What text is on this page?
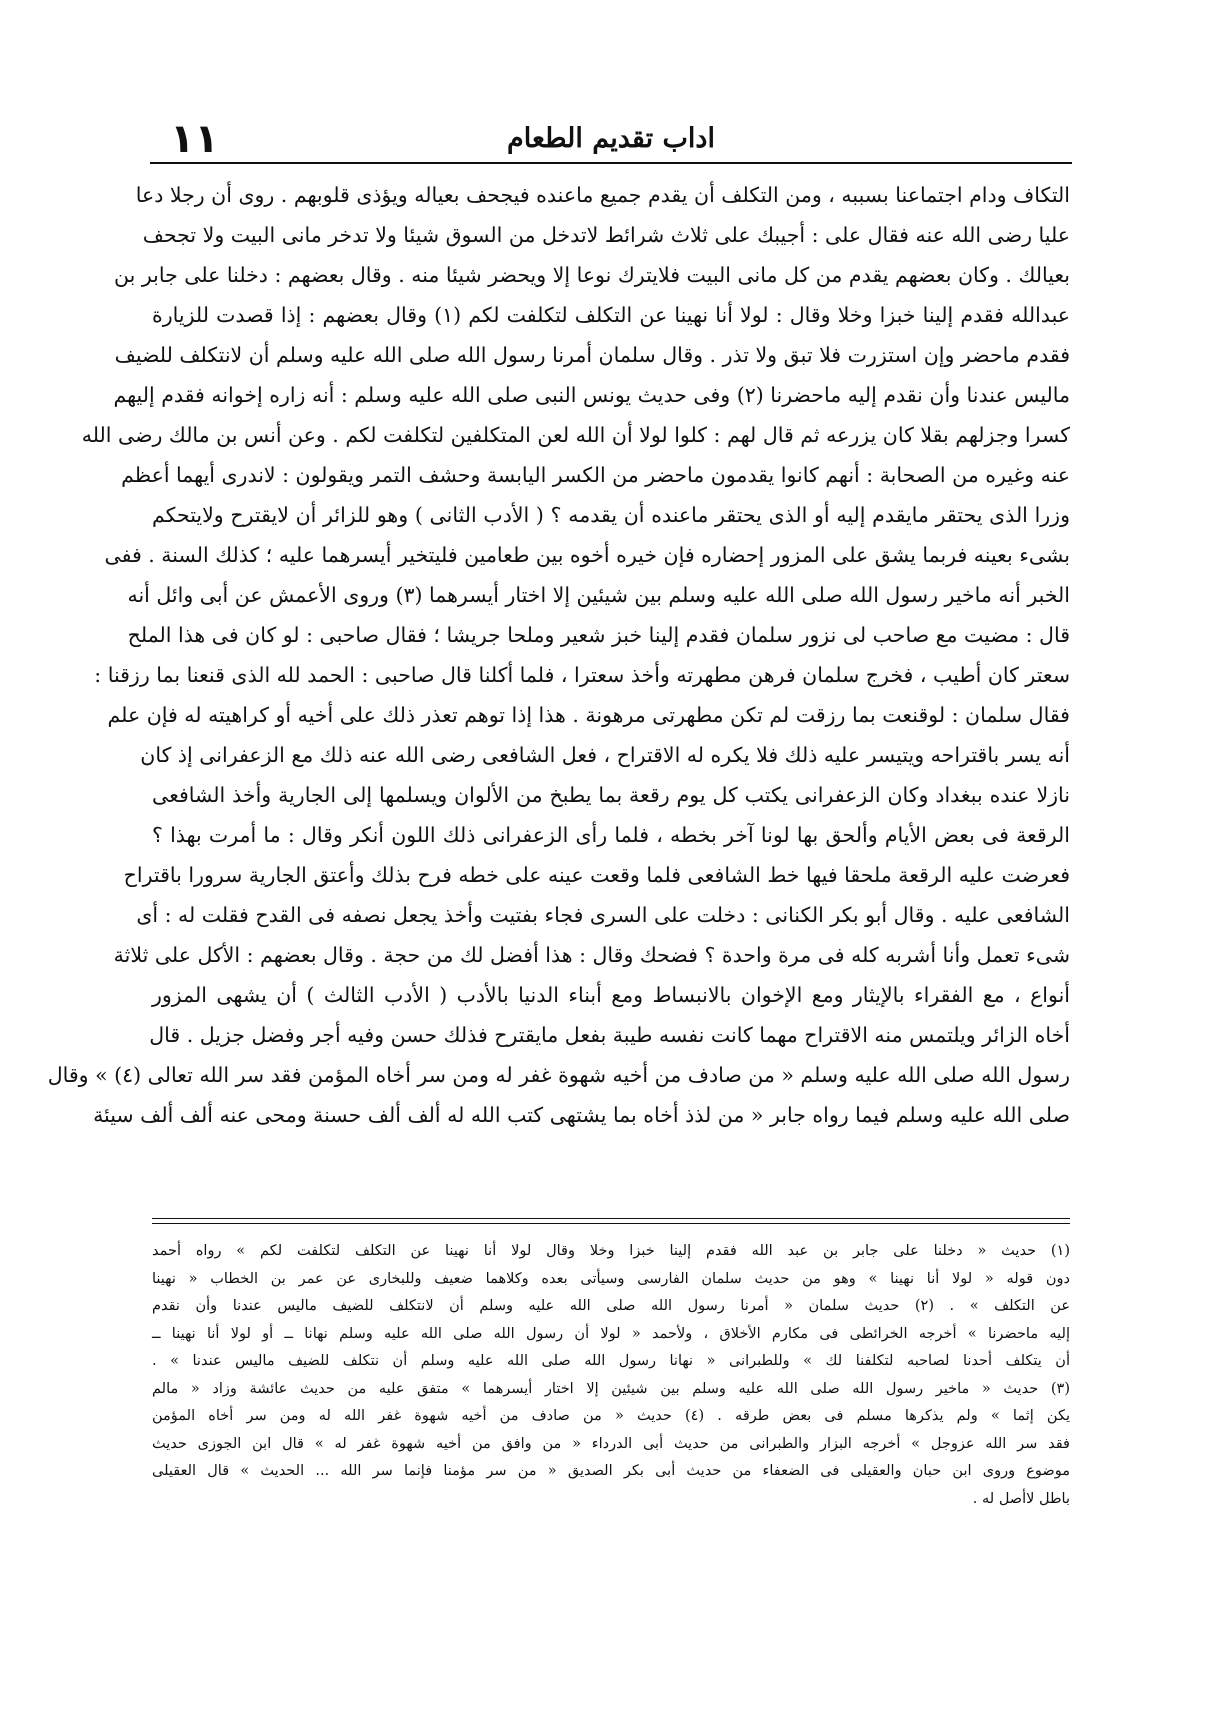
١١	اداب تقديم الطعام
التكاف ودام اجتماعنا بسببه ، ومن التكلف أن يقدم جميع ماعنده فيجحف بعياله ويؤذى قلوبهم . روى أن رجلا دعا
عليا رضى الله عنه فقال على : أجيبك على ثلاث شرائط لاتدخل من السوق شيئا ولا تدخر مانى البيت ولا تجحف
بعيالك . وكان بعضهم يقدم من كل مانى البيت فلايترك نوعا إلا ويحضر شيئا منه . وقال بعضهم : دخلنا على جابر بن
عبدالله فقدم إلينا خبزا وخلا وقال : لولا أنا نهينا عن التكلف لتكلفت لكم (١) وقال بعضهم : إذا قصدت للزيارة
فقدم ماحضر وإن استزرت فلا تبق ولا تذر . وقال سلمان أمرنا رسول الله صلى الله عليه وسلم أن لانتكلف للضيف
ماليس عندنا وأن نقدم إليه ماحضرنا (٢) وفى حديث يونس النبى صلى الله عليه وسلم : أنه زاره إخوانه فقدم إليهم
كسرا وجزلهم بقلا كان يزرعه ثم قال لهم : كلوا لولا أن الله لعن المتكلفين لتكلفت لكم . وعن أنس بن مالك رضى الله
عنه وغيره من الصحابة : أنهم كانوا يقدمون ماحضر من الكسر اليابسة وحشف التمر ويقولون : لاندرى أيهما أعظم
وزرا الذى يحتقر مايقدم إليه أو الذى يحتقر ماعنده أن يقدمه ؟ ( الأدب الثانى ) وهو للزائر أن لايقترح ولايتحكم
بشىء بعينه فربما يشق على المزور إحضاره فإن خيره أخوه بين طعامين فليتخير أيسرهما عليه ؛ كذلك السنة . ففى
الخبر أنه ماخير رسول الله صلى الله عليه وسلم بين شيئين إلا اختار أيسرهما (٣) وروى الأعمش عن أبى وائل أنه
قال : مضيت مع صاحب لى نزور سلمان فقدم إلينا خبز شعير وملحا جريشا ؛ فقال صاحبى : لو كان فى هذا الملح
سعتر كان أطيب ، فخرج سلمان فرهن مطهرته وأخذ سعترا ، فلما أكلنا قال صاحبى : الحمد لله الذى قنعنا بما رزقنا :
فقال سلمان : لوقنعت بما رزقت لم تكن مطهرتى مرهونة . هذا إذا توهم تعذر ذلك على أخيه أو كراهيته له فإن علم
أنه يسر باقتراحه ويتيسر عليه ذلك فلا يكره له الاقتراح ، فعل الشافعى رضى الله عنه ذلك مع الزعفرانى إذ كان
نازلا عنده ببغداد وكان الزعفرانى يكتب كل يوم رقعة بما يطبخ من الألوان ويسلمها إلى الجارية وأخذ الشافعى
الرقعة فى بعض الأيام وألحق بها لونا آخر بخطه ، فلما رأى الزعفرانى ذلك اللون أنكر وقال : ما أمرت بهذا ؟
فعرضت عليه الرقعة ملحقا فيها خط الشافعى فلما وقعت عينه على خطه فرح بذلك وأعتق الجارية سرورا باقتراح
الشافعى عليه . وقال أبو بكر الكنانى : دخلت على السرى فجاء بفتيت وأخذ يجعل نصفه فى القدح فقلت له : أى
شىء تعمل وأنا أشربه كله فى مرة واحدة ؟ فضحك وقال : هذا أفضل لك من حجة . وقال بعضهم : الأكل على ثلاثة
أنواع ، مع الفقراء بالإيثار ومع الإخوان بالانبساط ومع أبناء الدنيا بالأدب ( الأدب الثالث ) أن يشهى المزور
أخاه الزائر ويلتمس منه الاقتراح مهما كانت نفسه طيبة بفعل مايقترح فذلك حسن وفيه أجر وفضل جزيل . قال
رسول الله صلى الله عليه وسلم « من صادف من أخيه شهوة غفر له ومن سر أخاه المؤمن فقد سر الله تعالى (٤) » وقال
صلى الله عليه وسلم فيما رواه جابر « من لذذ أخاه بما يشتهى كتب الله له ألف ألف حسنة ومحى عنه ألف ألف سيئة
(١) حديث « دخلنا على جابر بن عبد الله فقدم إلينا خبزا وخلا وقال لولا أنا نهينا عن التكلف لتكلفت لكم » رواه أحمد
دون قوله « لولا أنا نهينا » وهو من حديث سلمان الفارسى وسيأتى بعده وكلاهما ضعيف وللبخارى عن عمر بن الخطاب « نهينا
عن التكلف » . (٢) حديث سلمان « أمرنا رسول الله صلى الله عليه وسلم أن لانتكلف للضيف ماليس عندنا وأن نقدم
إليه ماحضرنا » أخرجه الخرائطى فى مكارم الأخلاق ، ولأحمد « لولا أن رسول الله صلى الله عليه وسلم نهانا ــ أو لولا أنا نهينا ــ
أن يتكلف أحدنا لصاحبه لتكلفنا لك » وللطبرانى « نهانا رسول الله صلى الله عليه وسلم أن نتكلف للضيف ماليس عندنا » .
(٣) حديث « ماخير رسول الله صلى الله عليه وسلم بين شيئين إلا اختار أيسرهما » متفق عليه من حديث عائشة وزاد « مالم
يكن إثما » ولم يذكرها مسلم فى بعض طرقه . (٤) حديث « من صادف من أخيه شهوة غفر الله له ومن سر أخاه المؤمن
فقد سر الله عزوجل » أخرجه البزار والطبرانى من حديث أبى الدرداء « من وافق من أخيه شهوة غفر له » قال ابن الجوزى حديث
موضوع وروى ابن حبان والعقيلى فى الضعفاء من حديث أبى بكر الصديق « من سر مؤمنا فإنما سر الله ... الحديث » قال العقيلى
باطل لاأصل له .
